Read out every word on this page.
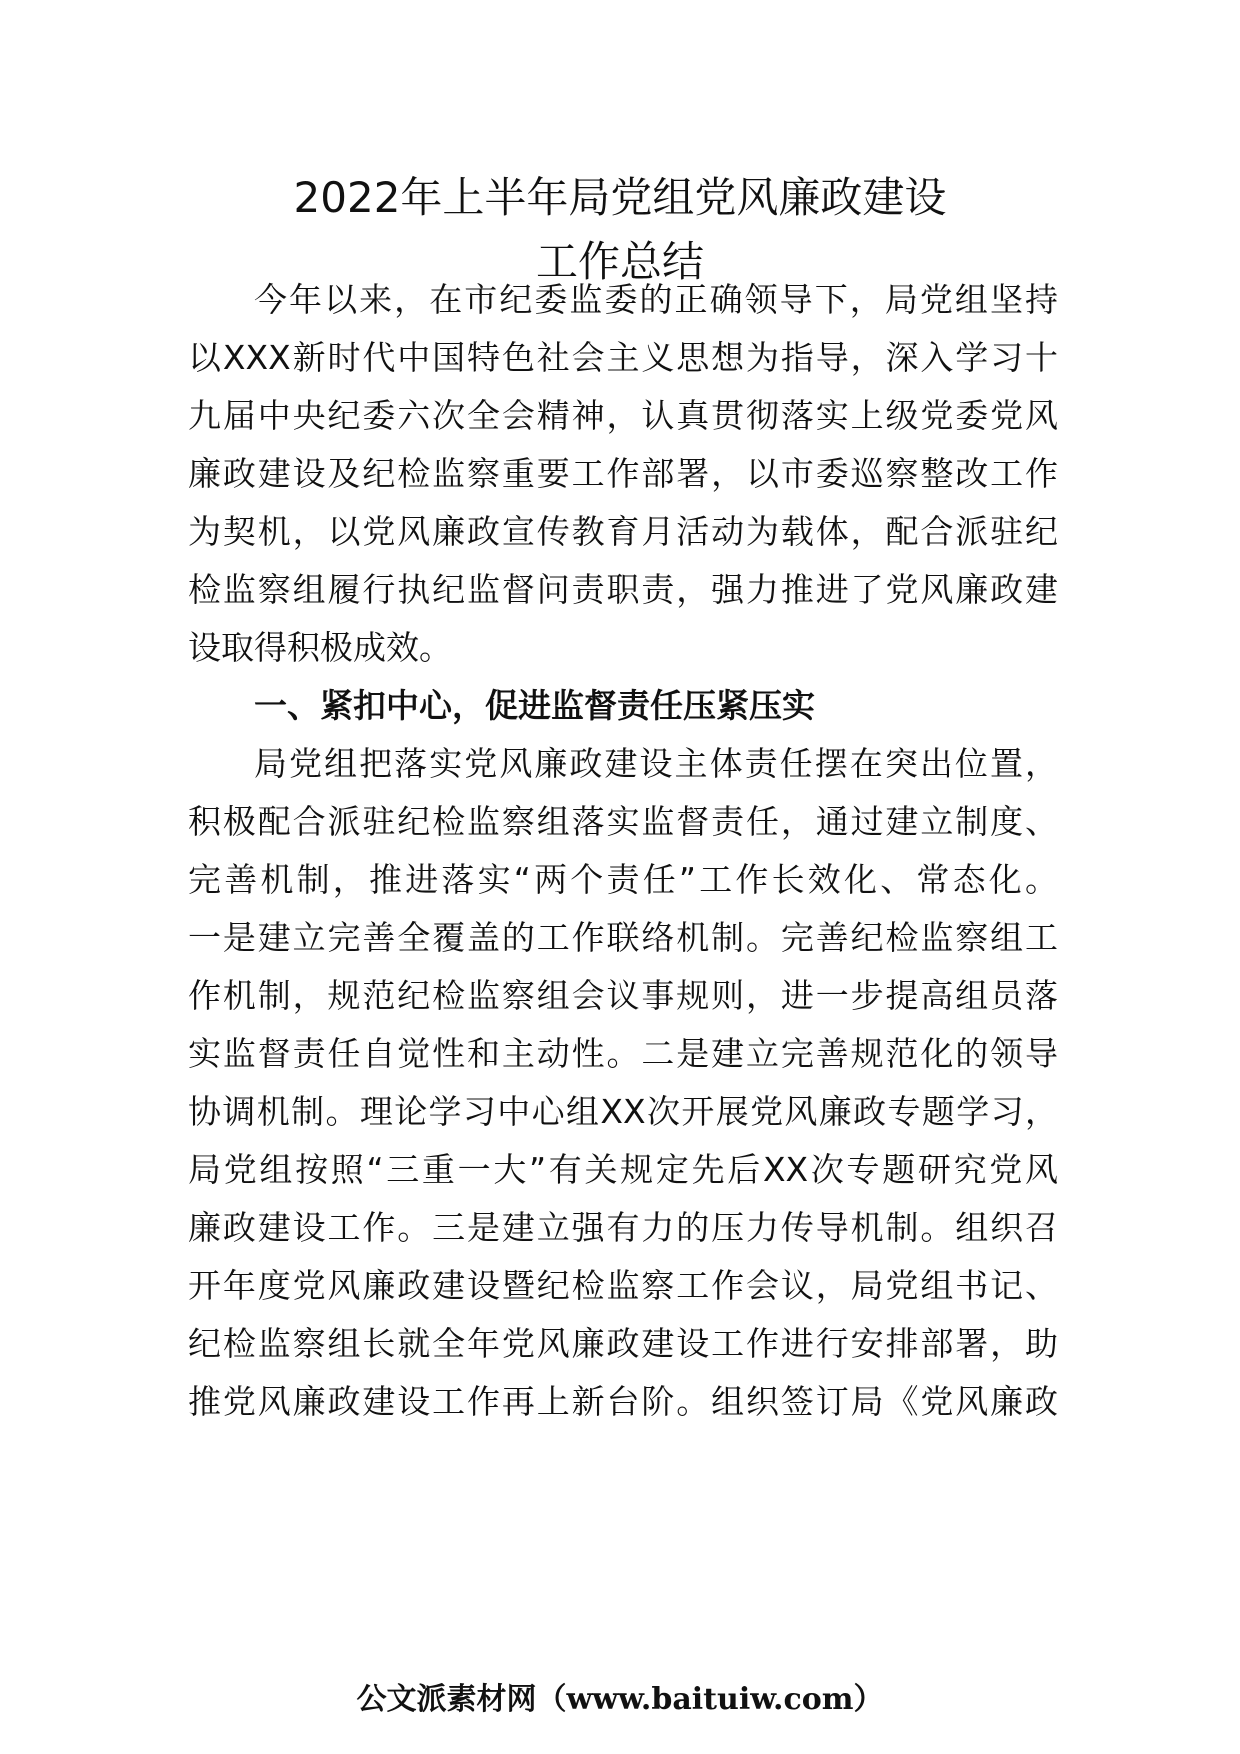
2022年上半年局党组党风廉政建设
工作总结
今年以来，在市纪委监委的正确领导下，局党组坚持
以XXX新时代中国特色社会主义思想为指导，深入学习十
九届中央纪委六次全会精神，认真贯彻落实上级党委党风
廉政建设及纪检监察重要工作部署，以市委巡察整改工作
为契机，以党风廉政宣传教育月活动为载体，配合派驻纪
检监察组履行执纪监督问责职责，强力推进了党风廉政建
设取得积极成效。
一、紧扣中心，促进监督责任压紧压实
局党组把落实党风廉政建设主体责任摆在突出位置，
积极配合派驻纪检监察组落实监督责任，通过建立制度、
完善机制，推进落实“两个责任”工作长效化、常态化。
一是建立完善全覆盖的工作联络机制。完善纪检监察组工
作机制，规范纪检监察组会议事规则，进一步提高组员落
实监督责任自觉性和主动性。二是建立完善规范化的领导
协调机制。理论学习中心组XX次开展党风廉政专题学习，
局党组按照“三重一大”有关规定先后XX次专题研究党风
廉政建设工作。三是建立强有力的压力传导机制。组织召
开年度党风廉政建设暨纪检监察工作会议，局党组书记、
纪检监察组长就全年党风廉政建设工作进行安排部署，助
推党风廉政建设工作再上新台阶。组织签订局《党风廉政
公文派素材网（www.baituiw.com）
